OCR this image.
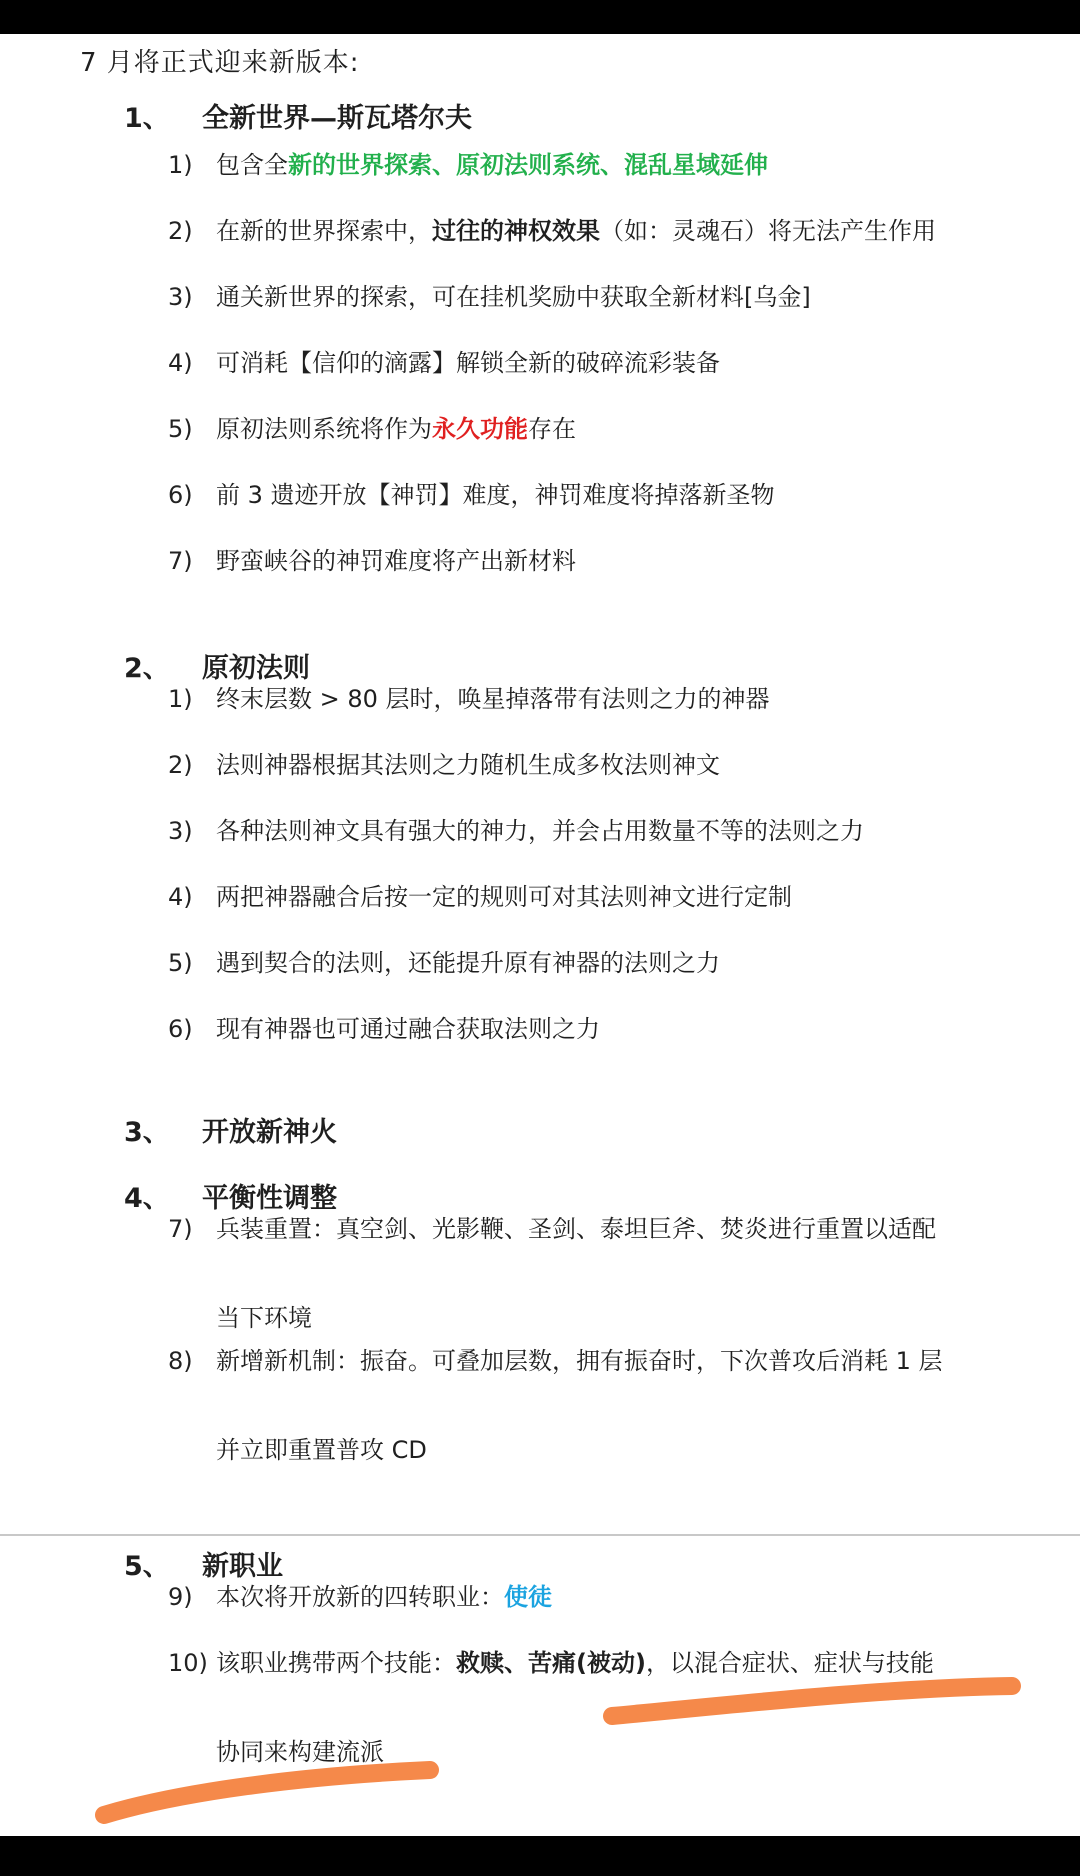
7 月将正式迎来新版本:
1、 全新世界—斯瓦塔尔夫
1) 包含全新的世界探索、原初法则系统、混乱星域延伸
2) 在新的世界探索中，过往的神权效果（如：灵魂石）将无法产生作用
3) 通关新世界的探索，可在挂机奖励中获取全新材料[乌金]
4) 可消耗【信仰的滴露】解锁全新的破碎流彩装备
5) 原初法则系统将作为永久功能存在
6) 前 3 遗迹开放【神罚】难度，神罚难度将掉落新圣物
7) 野蛮峡谷的神罚难度将产出新材料
2、 原初法则
1) 终末层数 > 80 层时，唤星掉落带有法则之力的神器
2) 法则神器根据其法则之力随机生成多枚法则神文
3) 各种法则神文具有强大的神力，并会占用数量不等的法则之力
4) 两把神器融合后按一定的规则可对其法则神文进行定制
5) 遇到契合的法则，还能提升原有神器的法则之力
6) 现有神器也可通过融合获取法则之力
3、 开放新神火
4、 平衡性调整
7) 兵装重置：真空剑、光影鞭、圣剑、泰坦巨斧、焚炎进行重置以适配
当下环境
8) 新增新机制：振奋。可叠加层数，拥有振奋时，下次普攻后消耗 1 层
并立即重置普攻 CD
5、 新职业
9) 本次将开放新的四转职业：使徒
10) 该职业携带两个技能：救赎、苦痛(被动)，以混合症状、症状与技能
协同来构建流派
